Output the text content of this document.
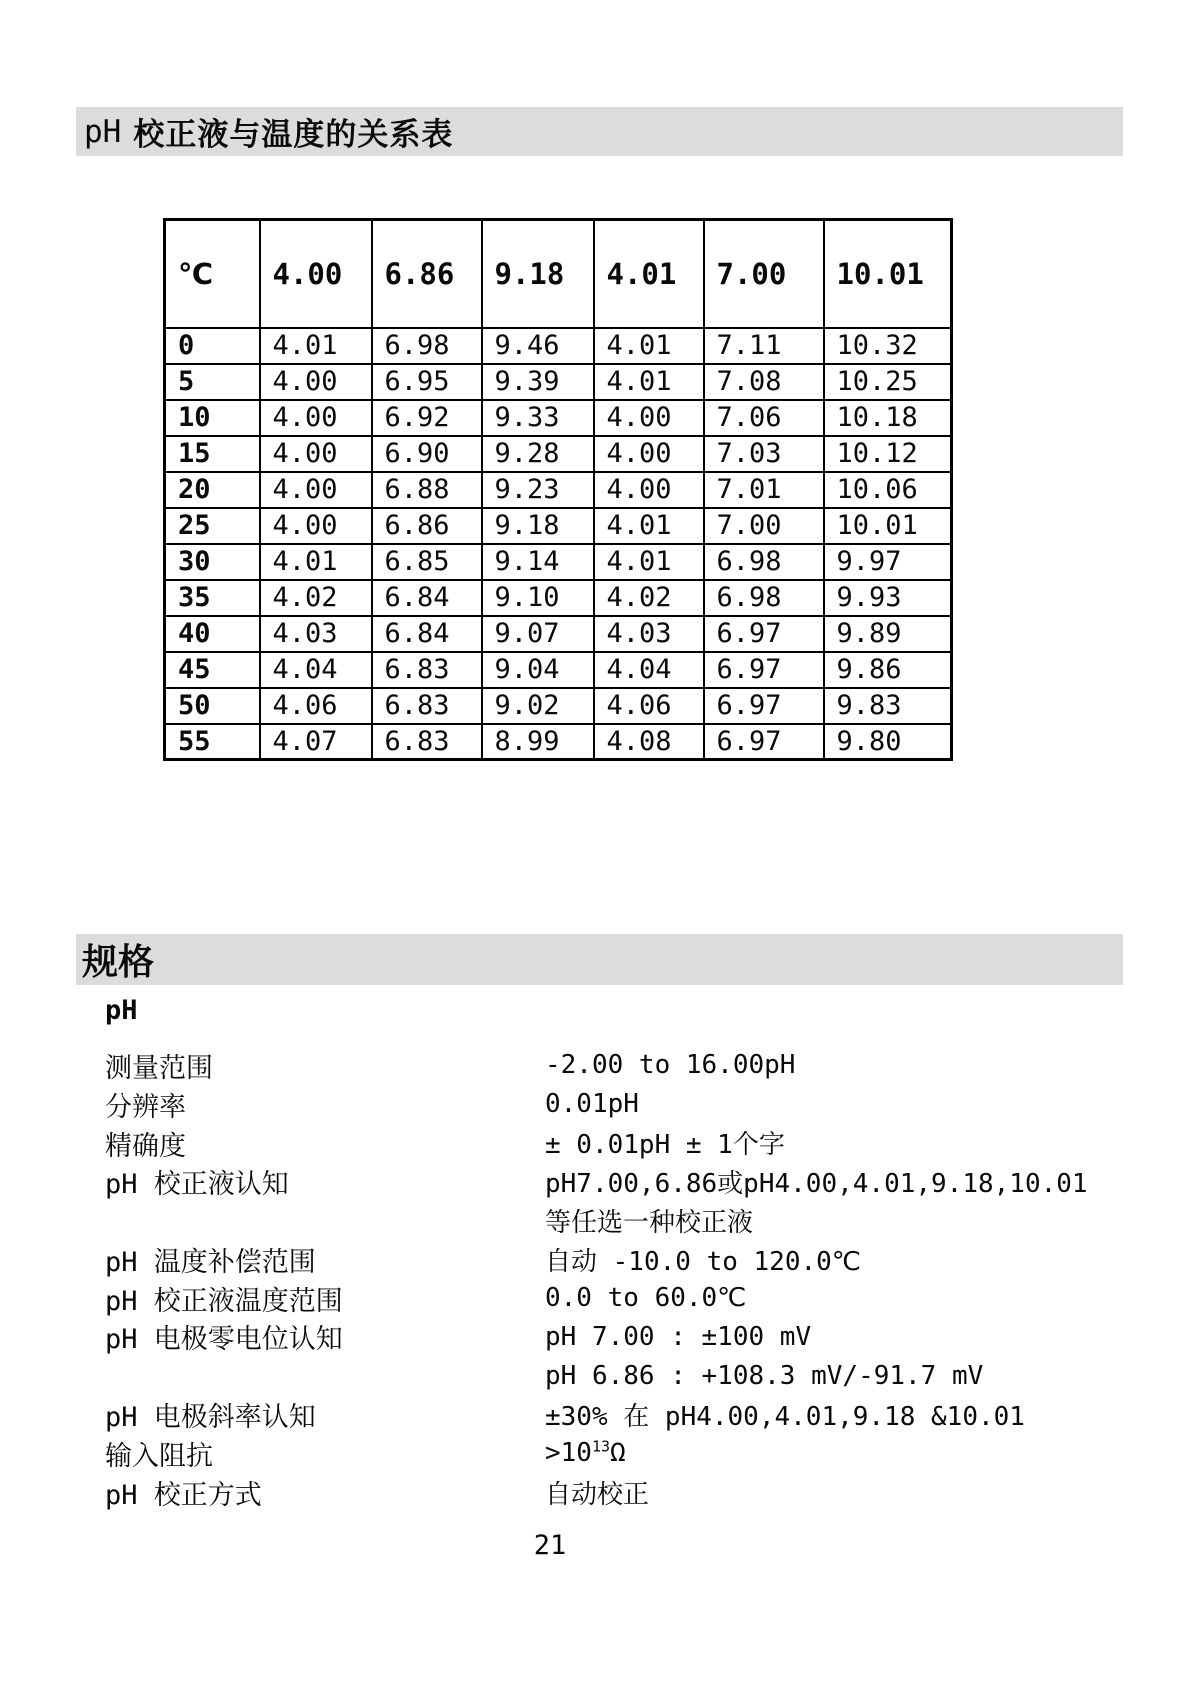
pH 校正液与温度的关系表
℃	4.00	6.86	9.18	4.01	7.00	10.01
0	4.01	6.98	9.46	4.01	7.11	10.32
5	4.00	6.95	9.39	4.01	7.08	10.25
10	4.00	6.92	9.33	4.00	7.06	10.18
15	4.00	6.90	9.28	4.00	7.03	10.12
20	4.00	6.88	9.23	4.00	7.01	10.06
25	4.00	6.86	9.18	4.01	7.00	10.01
30	4.01	6.85	9.14	4.01	6.98	9.97
35	4.02	6.84	9.10	4.02	6.98	9.93
40	4.03	6.84	9.07	4.03	6.97	9.89
45	4.04	6.83	9.04	4.04	6.97	9.86
50	4.06	6.83	9.02	4.06	6.97	9.83
55	4.07	6.83	8.99	4.08	6.97	9.80
规格
pH
测量范围	-2.00 to 16.00pH
分辨率	0.01pH
精确度	± 0.01pH ± 1个字
pH 校正液认知	pH7.00,6.86或pH4.00,4.01,9.18,10.01
等任选一种校正液
pH 温度补偿范围	自动 -10.0 to 120.0℃
pH 校正液温度范围	0.0 to 60.0℃
pH 电极零电位认知	pH 7.00 : ±100 mV
pH 6.86 : +108.3 mV/-91.7 mV
pH 电极斜率认知	±30% 在 pH4.00,4.01,9.18 &10.01
输入阻抗	$>10^{13}\Omega$
pH 校正方式	自动校正
21
